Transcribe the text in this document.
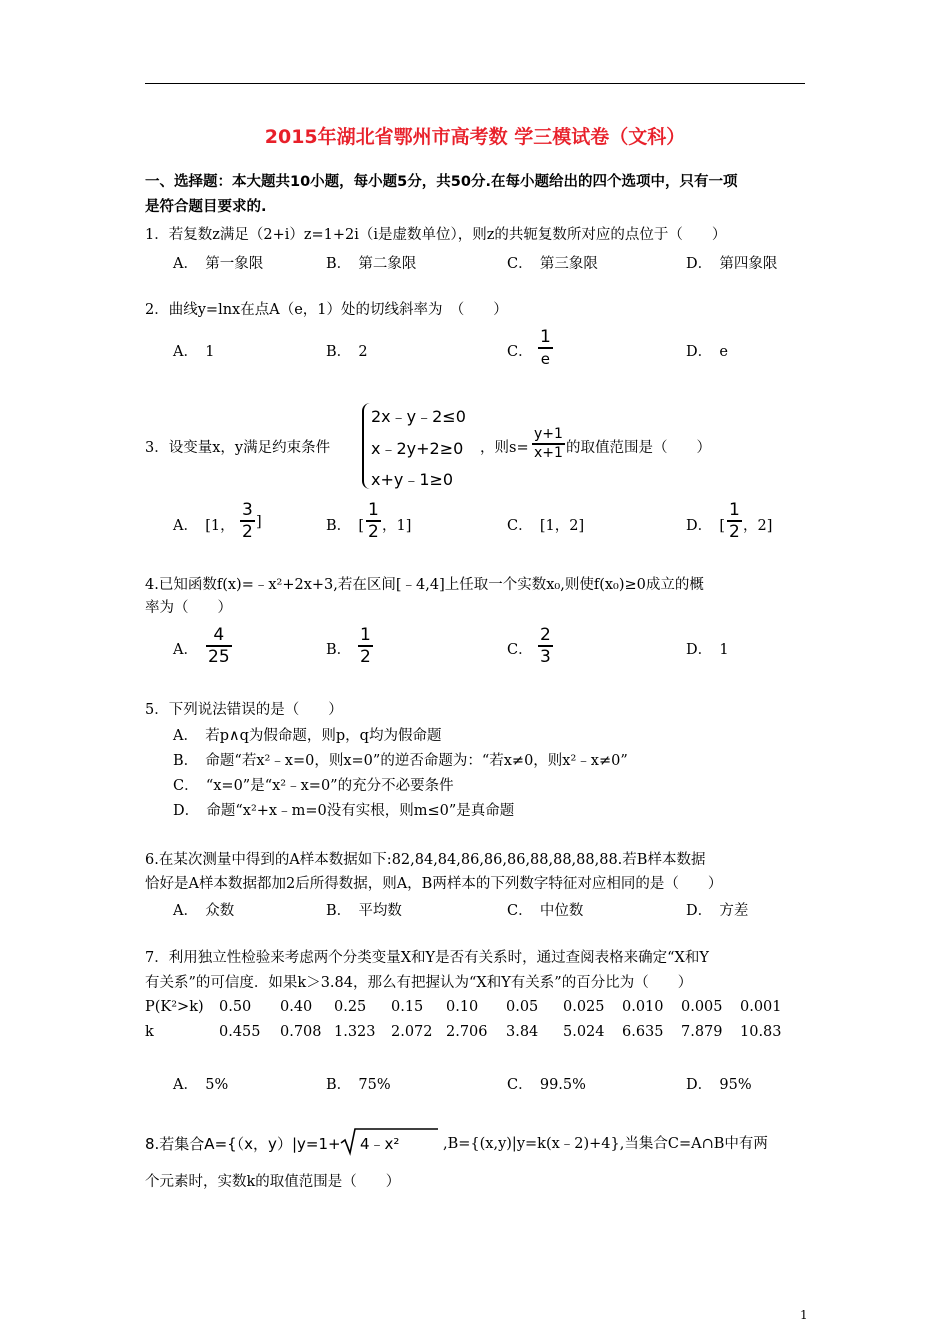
2015年湖北省鄂州市高考数 学三模试卷（文科）
一、选择题：本大题共10小题，每小题5分，共50分.在每小题给出的四个选项中，只有一项
是符合题目要求的.
1．若复数z满足（2+i）z=1+2i（i是虚数单位），则z的共轭复数所对应的点位于（　　）
A．　第一象限	B．　第二象限	C．　第三象限	D．　第四象限
2．曲线y=lnx在点A（e，1）处的切线斜率为　（　　）
A．　1	B．　2	C．
1
e	D．　e
3．设变量x，y满足约束条件
2x﹣y﹣2≤0
x﹣2y+2≥0
x+y﹣1≥0
，则s=
y+1
x+1 的取值范围是（　　）
A．　[1，
3
2 ]	B．　[
1
2 ，1]	C．　[1，2]	D．　[
1
2 ，2]
4.已知函数f(x)=﹣x²+2x+3,若在区间[﹣4,4]上任取一个实数x₀,则使f(x₀)≥0成立的概
率为（　　）
A．
4
25	B．
1
2	C．
2
3	D．　1
5．下列说法错误的是（　　）
A．　若p∧q为假命题，则p，q均为假命题
B．　命题“若x²﹣x=0，则x=0”的逆否命题为：“若x≠0，则x²﹣x≠0”
C．　“x=0”是“x²﹣x=0”的充分不必要条件
D．　命题“x²+x﹣m=0没有实根，则m≤0”是真命题
6.在某次测量中得到的A样本数据如下:82,84,84,86,86,86,88,88,88,88.若B样本数据
恰好是A样本数据都加2后所得数据，则A，B两样本的下列数字特征对应相同的是（　　）
A．　众数	B．　平均数	C．　中位数	D．　方差
7．利用独立性检验来考虑两个分类变量X和Y是否有关系时，通过查阅表格来确定“X和Y
有关系”的可信度．如果k＞3.84，那么有把握认为“X和Y有关系”的百分比为（　　）
P(K²>k) 0.50 0.40 0.25 0.15 0.10 0.05 0.025 0.010 0.005 0.001
k	0.455 0.708 1.323 2.072 2.706 3.84 5.024 6.635 7.879 10.83
A．　5%	B．　75%	C．　99.5%	D．　95%
8.若集合A={（x，y）|y=1+ 4﹣x²	,B={(x,y)|y=k(x﹣2)+4},当集合C=A∩B中有两
个元素时，实数k的取值范围是（　　）
1
